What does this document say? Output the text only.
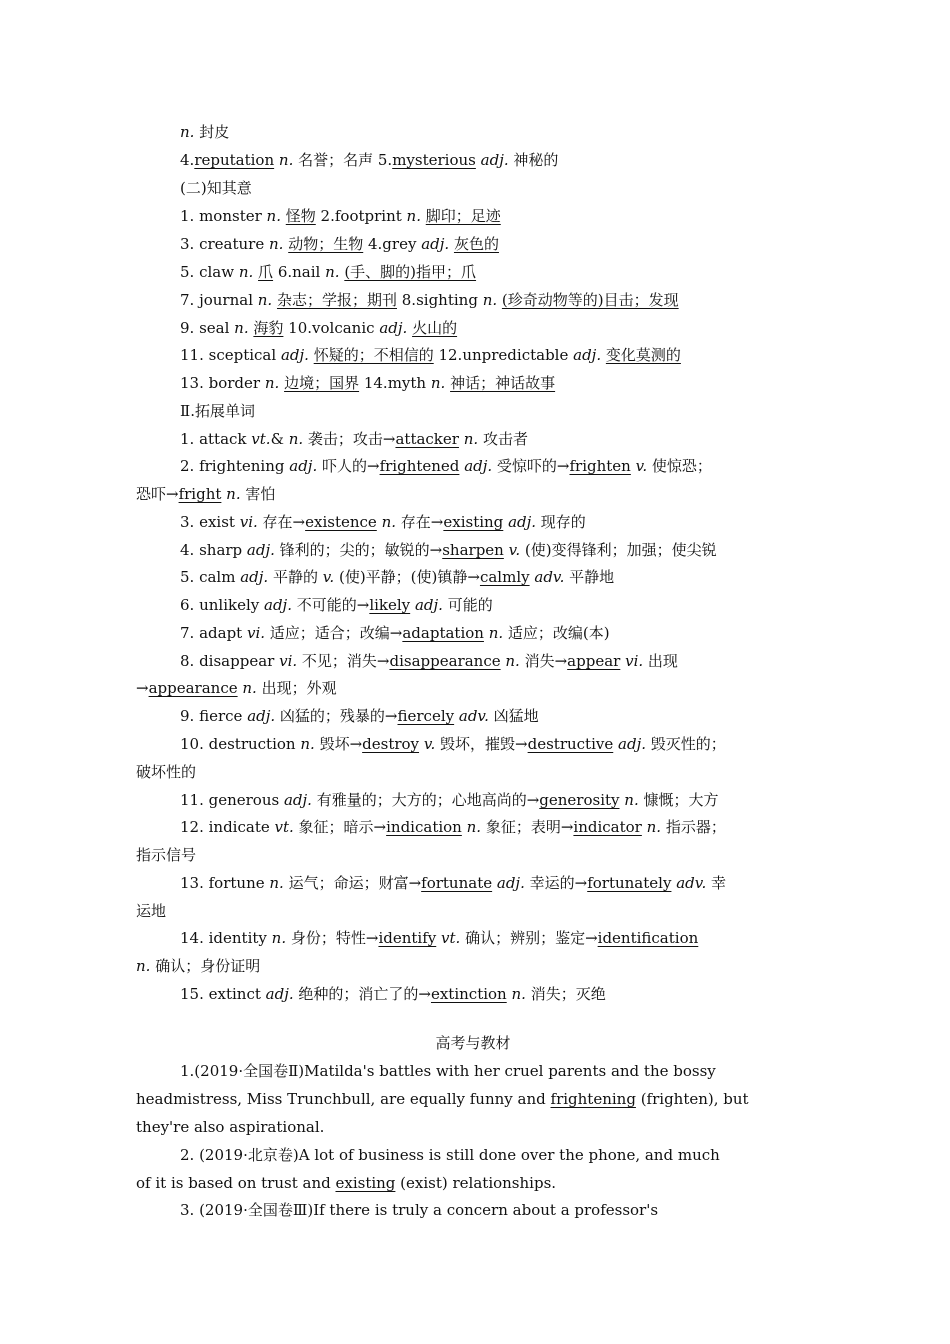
n. 封皮
4.reputation n. 名誉；名声 5.mysterious adj. 神秘的
(二)知其意
1. monster n. 怪物 2.footprint n. 脚印；足迹
3. creature n. 动物；生物 4.grey adj. 灰色的
5. claw n. 爪 6.nail n. (手、脚的)指甲；爪
7. journal n. 杂志；学报；期刊 8.sighting n. (珍奇动物等的)目击；发现
9. seal n. 海豹 10.volcanic adj. 火山的
11. sceptical adj. 怀疑的；不相信的 12.unpredictable adj. 变化莫测的
13. border n. 边境；国界 14.myth n. 神话；神话故事
Ⅱ.拓展单词
1. attack vt.& n. 袭击；攻击→attacker n. 攻击者
2. frightening adj. 吓人的→frightened adj. 受惊吓的→frighten v. 使惊恐；
恐吓→fright n. 害怕
3. exist vi. 存在→existence n. 存在→existing adj. 现存的
4. sharp adj. 锋利的；尖的；敏锐的→sharpen v. (使)变得锋利；加强；使尖锐
5. calm adj. 平静的 v. (使)平静；(使)镇静→calmly adv. 平静地
6. unlikely adj. 不可能的→likely adj. 可能的
7. adapt vi. 适应；适合；改编→adaptation n. 适应；改编(本)
8. disappear vi. 不见；消失→disappearance n. 消失→appear vi. 出现
→appearance n. 出现；外观
9. fierce adj. 凶猛的；残暴的→fiercely adv. 凶猛地
10. destruction n. 毁坏→destroy v. 毁坏，摧毁→destructive adj. 毁灭性的；
破坏性的
11. generous adj. 有雅量的；大方的；心地高尚的→generosity n. 慷慨；大方
12. indicate vt. 象征；暗示→indication n. 象征；表明→indicator n. 指示器；
指示信号
13. fortune n. 运气；命运；财富→fortunate adj. 幸运的→fortunately adv. 幸
运地
14. identity n. 身份；特性→identify vt. 确认；辨别；鉴定→identification
n. 确认；身份证明
15. extinct adj. 绝种的；消亡了的→extinction n. 消失；灭绝
高考与教材
1.(2019·全国卷Ⅱ)Matilda's battles with her cruel parents and the bossy
headmistress, Miss Trunchbull, are equally funny and frightening (frighten), but
they're also aspirational.
2. (2019·北京卷)A lot of business is still done over the phone, and much
of it is based on trust and existing (exist) relationships.
3. (2019·全国卷Ⅲ)If there is truly a concern about a professor's
